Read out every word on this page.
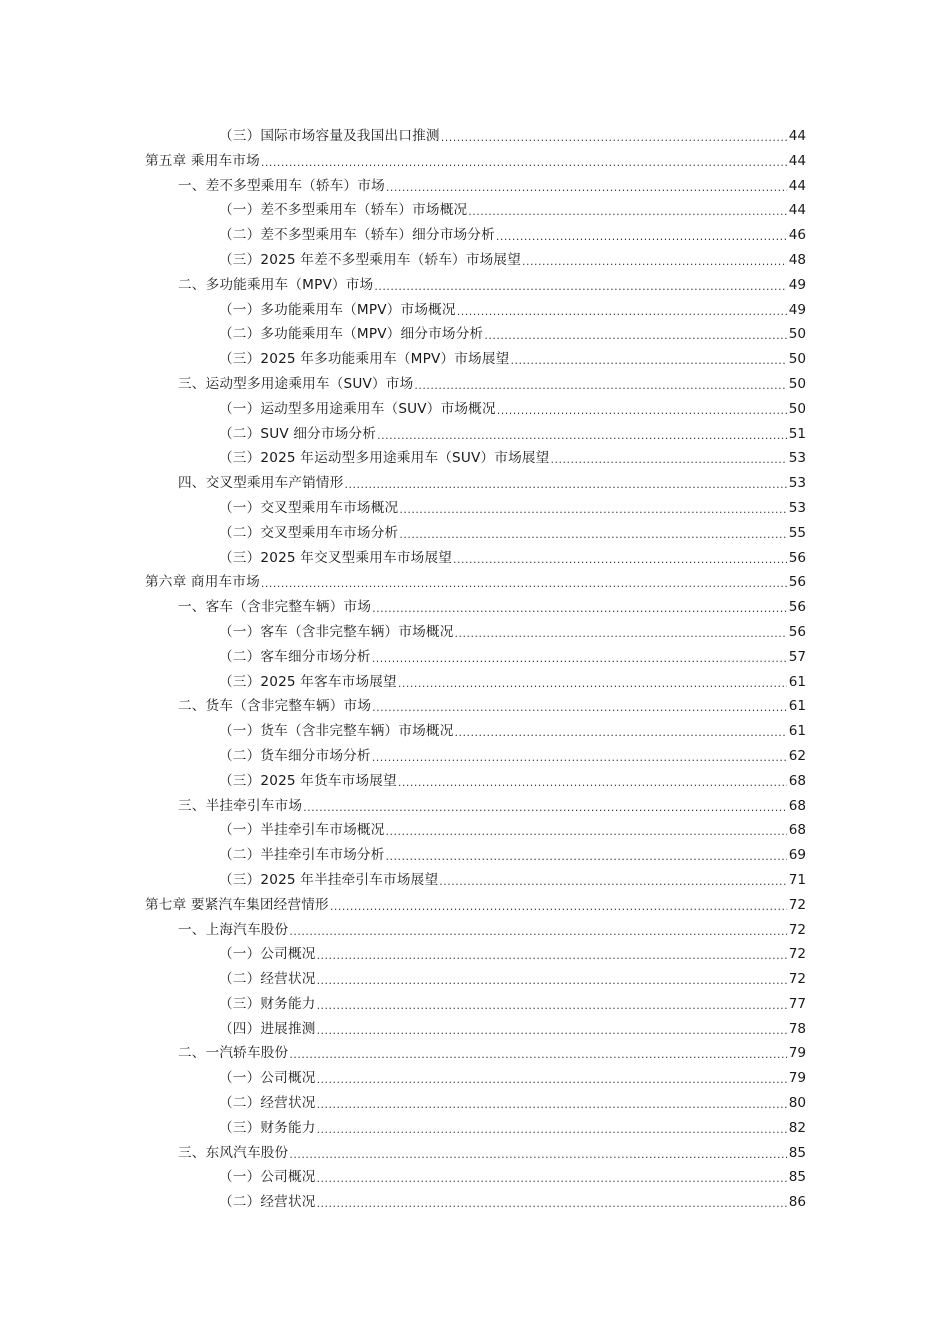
（三）国际市场容量及我国出口推测 .....	44
第五章 乘用车市场 .....	44
一、差不多型乘用车（轿车）市场 .....	44
（一）差不多型乘用车（轿车）市场概况 .....	44
（二）差不多型乘用车（轿车）细分市场分析 .....	46
（三）2025 年差不多型乘用车（轿车）市场展望 .....	48
二、多功能乘用车（MPV）市场 .....	49
（一）多功能乘用车（MPV）市场概况 .....	49
（二）多功能乘用车（MPV）细分市场分析 .....	50
（三）2025 年多功能乘用车（MPV）市场展望 .....	50
三、运动型多用途乘用车（SUV）市场 .....	50
（一）运动型多用途乘用车（SUV）市场概况 .....	50
（二）SUV 细分市场分析 .....	51
（三）2025 年运动型多用途乘用车（SUV）市场展望 .....	53
四、交叉型乘用车产销情形 .....	53
（一）交叉型乘用车市场概况 .....	53
（二）交叉型乘用车市场分析 .....	55
（三）2025 年交叉型乘用车市场展望 .....	56
第六章 商用车市场 .....	56
一、客车（含非完整车辆）市场 .....	56
（一）客车（含非完整车辆）市场概况 .....	56
（二）客车细分市场分析 .....	57
（三）2025 年客车市场展望 .....	61
二、货车（含非完整车辆）市场 .....	61
（一）货车（含非完整车辆）市场概况 .....	61
（二）货车细分市场分析 .....	62
（三）2025 年货车市场展望 .....	68
三、半挂牵引车市场 .....	68
（一）半挂牵引车市场概况 .....	68
（二）半挂牵引车市场分析 .....	69
（三）2025 年半挂牵引车市场展望 .....	71
第七章 要紧汽车集团经营情形 .....	72
一、上海汽车股份 .....	72
（一）公司概况 .....	72
（二）经营状况 .....	72
（三）财务能力 .....	77
（四）进展推测 .....	78
二、一汽轿车股份 .....	79
（一）公司概况 .....	79
（二）经营状况 .....	80
（三）财务能力 .....	82
三、东风汽车股份 .....	85
（一）公司概况 .....	85
（二）经营状况 .....	86
